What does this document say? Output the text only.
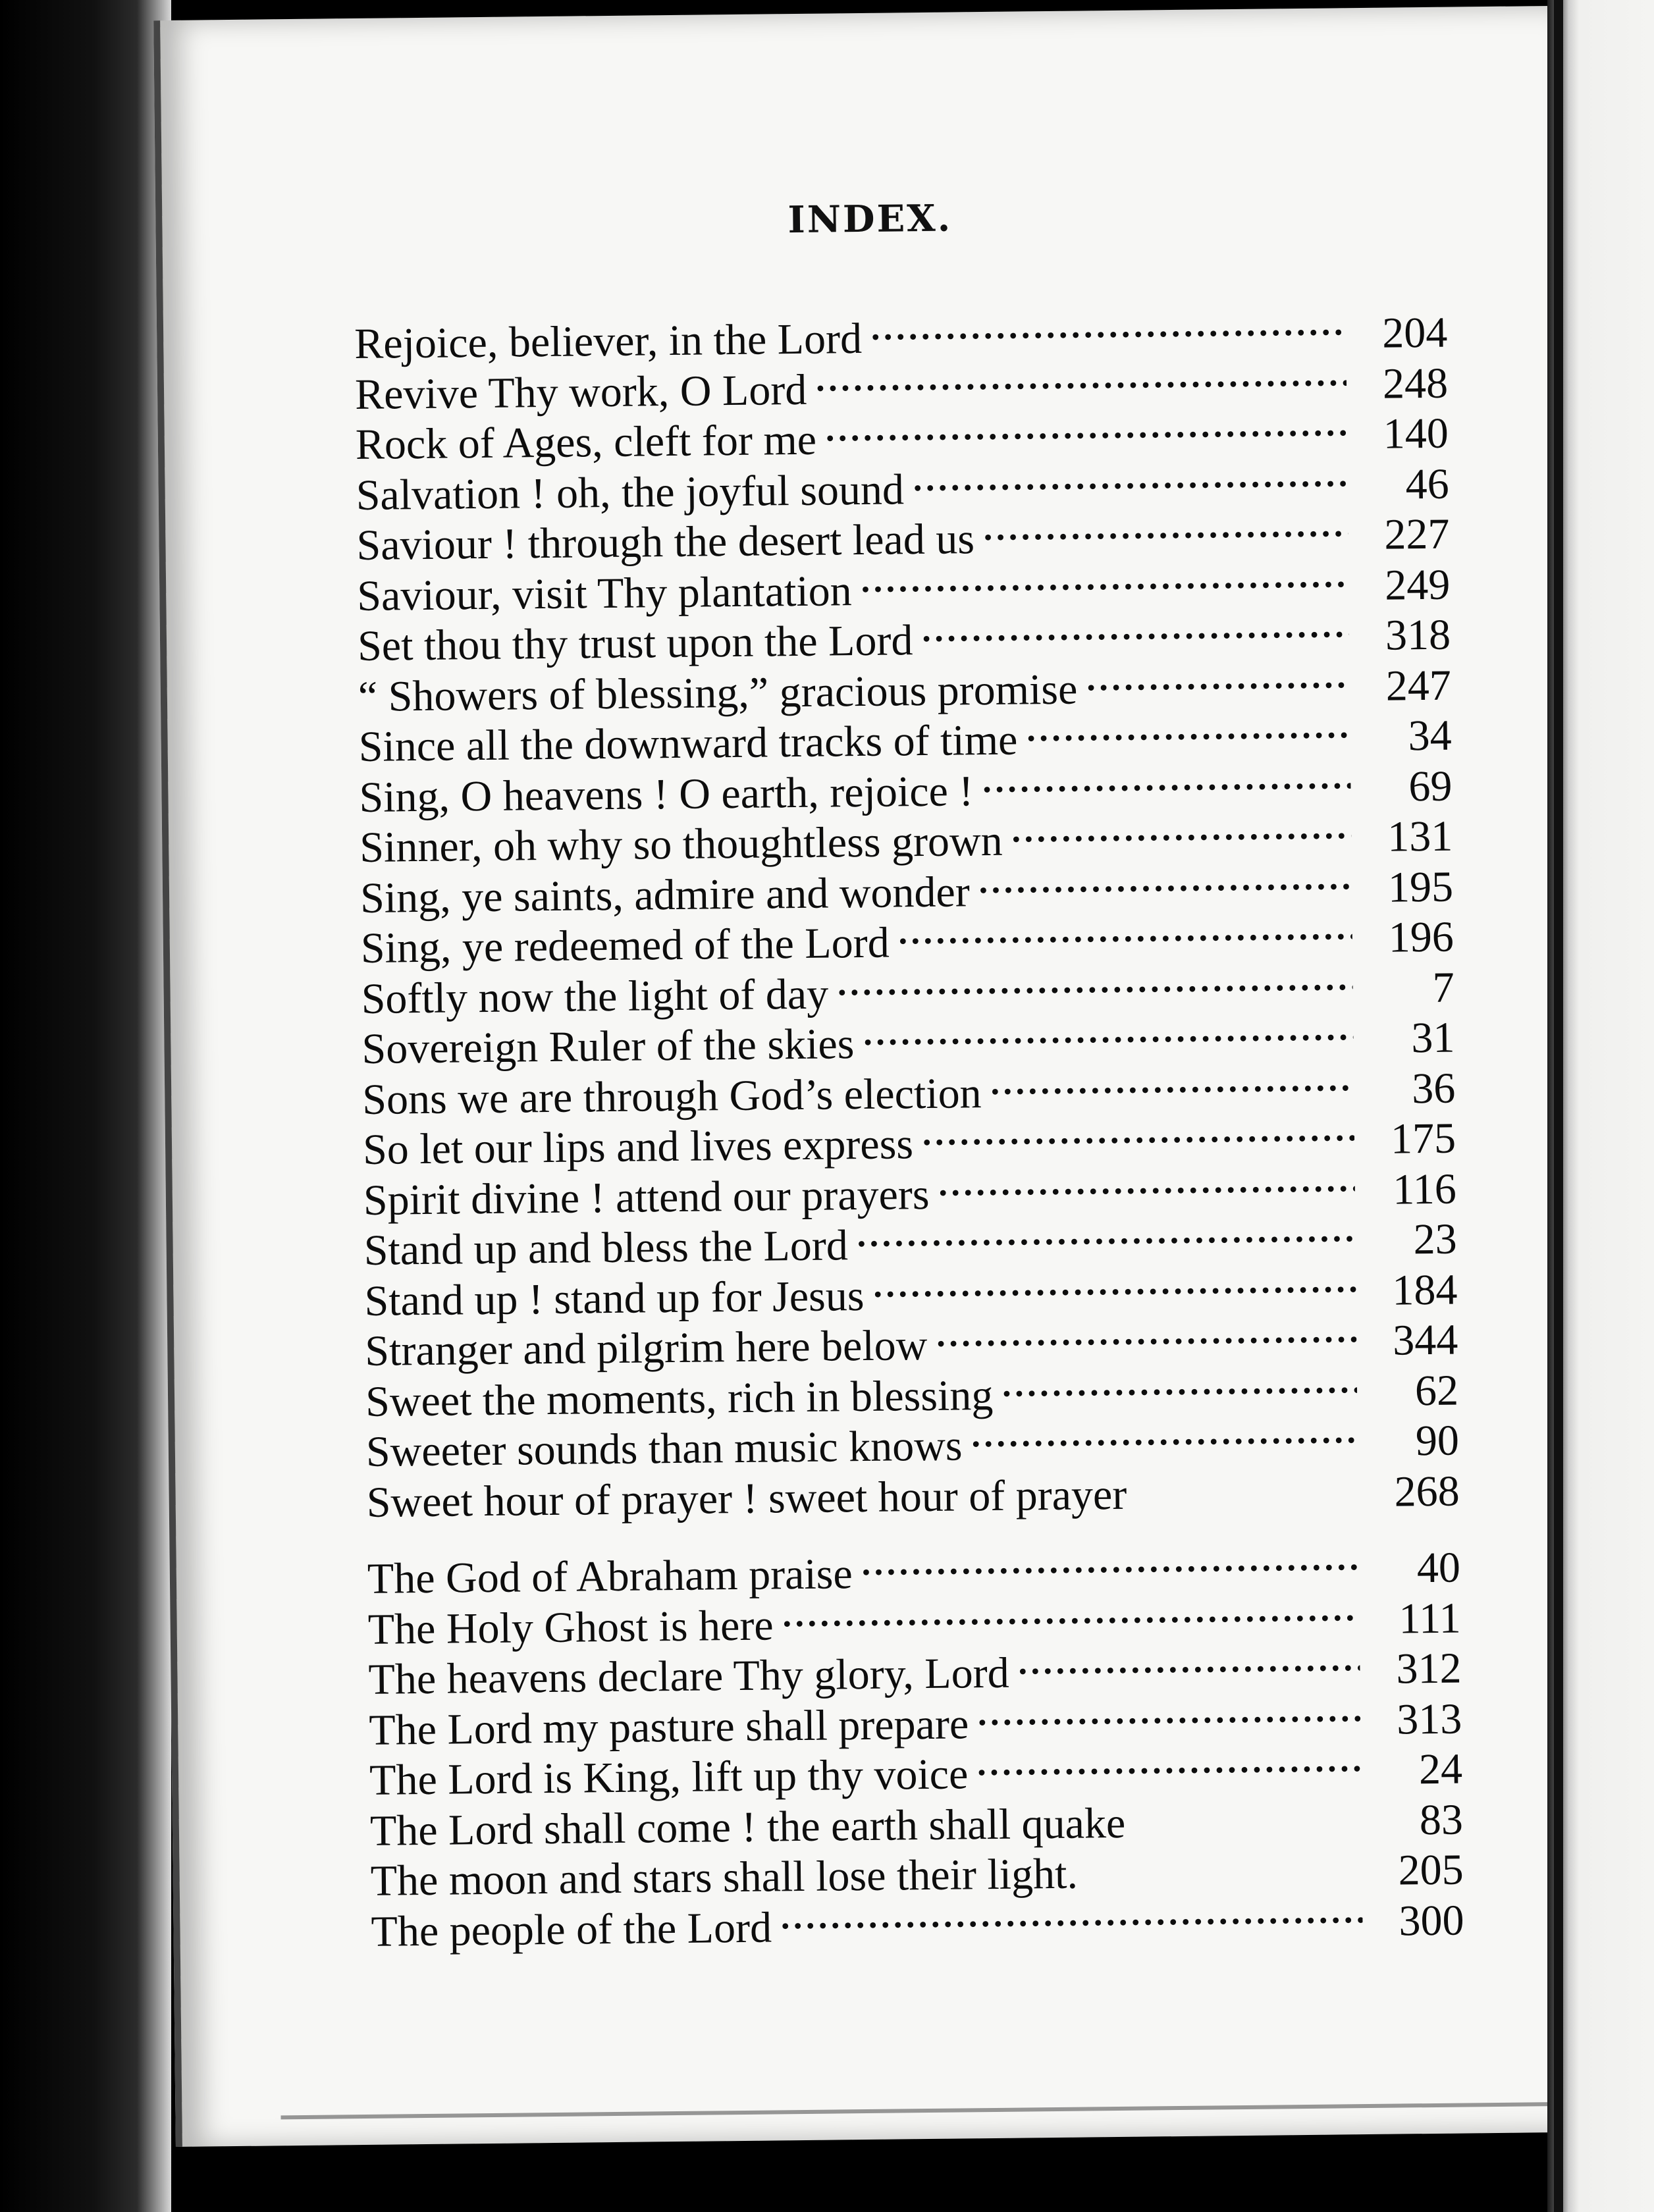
INDEX.
Rejoice, believer, in the Lord . . .	204
Revive Thy work, O Lord . . .	248
Rock of Ages, cleft for me . . .	140
Salvation ! oh, the joyful sound . . .	46
Saviour ! through the desert lead us . . .	227
Saviour, visit Thy plantation . . .	249
Set thou thy trust upon the Lord . . .	318
“ Showers of blessing,” gracious promise . . .	247
Since all the downward tracks of time . . .	34
Sing, O heavens ! O earth, rejoice ! . . .	69
Sinner, oh why so thoughtless grown . . .	131
Sing, ye saints, admire and wonder . . .	195
Sing, ye redeemed of the Lord . . .	196
Softly now the light of day . . .	7
Sovereign Ruler of the skies . . .	31
Sons we are through God’s election . . .	36
So let our lips and lives express . . .	175
Spirit divine ! attend our prayers . . .	116
Stand up and bless the Lord . . .	23
Stand up ! stand up for Jesus . . .	184
Stranger and pilgrim here below . . .	344
Sweet the moments, rich in blessing . . .	62
Sweeter sounds than music knows . . .	90
Sweet hour of prayer ! sweet hour of prayer	268
The God of Abraham praise . . .	40
The Holy Ghost is here . . .	111
The heavens declare Thy glory, Lord . . .	312
The Lord my pasture shall prepare . . .	313
The Lord is King, lift up thy voice . . .	24
The Lord shall come ! the earth shall quake	83
The moon and stars shall lose their light.	205
The people of the Lord . . .	300
